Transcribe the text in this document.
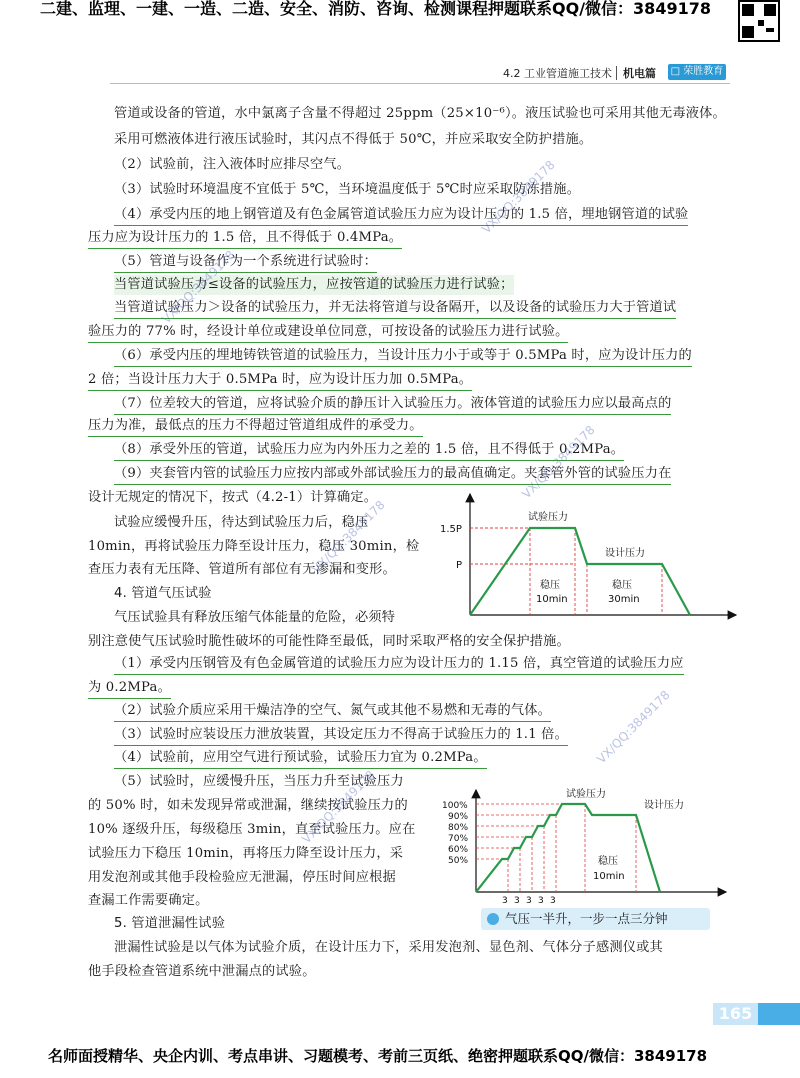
二建、监理、一建、一造、二造、安全、消防、咨询、检测课程押题联系QQ/微信：3849178
4.2 工业管道施工技术 机电篇 □ 荣胜教育
管道或设备的管道，水中氯离子含量不得超过 25ppm（25×10⁻⁶）。液压试验也可采用其他无毒液体。
采用可燃液体进行液压试验时，其闪点不得低于 50℃，并应采取安全防护措施。
（2）试验前，注入液体时应排尽空气。
（3）试验时环境温度不宜低于 5℃，当环境温度低于 5℃时应采取防冻措施。
（4）承受内压的地上钢管道及有色金属管道试验压力应为设计压力的 1.5 倍，埋地钢管道的试验
压力应为设计压力的 1.5 倍，且不得低于 0.4MPa。
（5）管道与设备作为一个系统进行试验时：
当管道试验压力≤设备的试验压力，应按管道的试验压力进行试验；
当管道试验压力＞设备的试验压力，并无法将管道与设备隔开，以及设备的试验压力大于管道试
验压力的 77% 时，经设计单位或建设单位同意，可按设备的试验压力进行试验。
（6）承受内压的埋地铸铁管道的试验压力，当设计压力小于或等于 0.5MPa 时，应为设计压力的
2 倍；当设计压力大于 0.5MPa 时，应为设计压力加 0.5MPa。
（7）位差较大的管道，应将试验介质的静压计入试验压力。液体管道的试验压力应以最高点的
压力为准，最低点的压力不得超过管道组成件的承受力。
（8）承受外压的管道，试验压力应为内外压力之差的 1.5 倍，且不得低于 0.2MPa。
（9）夹套管内管的试验压力应按内部或外部试验压力的最高值确定。夹套管外管的试验压力在
设计无规定的情况下，按式（4.2-1）计算确定。
试验应缓慢升压，待达到试验压力后，稳压
10min，再将试验压力降至设计压力，稳压 30min，检
查压力表有无压降、管道所有部位有无渗漏和变形。
4. 管道气压试验
气压试验具有释放压缩气体能量的危险，必须特
别注意使气压试验时脆性破坏的可能性降至最低，同时采取严格的安全保护措施。
（1）承受内压钢管及有色金属管道的试验压力应为设计压力的 1.15 倍，真空管道的试验压力应
为 0.2MPa。
（2）试验介质应采用干燥洁净的空气、氮气或其他不易燃和无毒的气体。
（3）试验时应装设压力泄放装置，其设定压力不得高于试验压力的 1.1 倍。
（4）试验前，应用空气进行预试验，试验压力宜为 0.2MPa。
（5）试验时，应缓慢升压，当压力升至试验压力
的 50% 时，如未发现异常或泄漏，继续按试验压力的
10% 逐级升压，每级稳压 3min，直至试验压力。应在
试验压力下稳压 10min，再将压力降至设计压力，采
用发泡剂或其他手段检验应无泄漏，停压时间应根据
查漏工作需要确定。
5. 管道泄漏性试验
泄漏性试验是以气体为试验介质，在设计压力下，采用发泡剂、显色剂、气体分子感测仪或其
他手段检查管道系统中泄漏点的试验。
1.5P
P
试验压力
设计压力
稳压
10min
稳压
30min
100%
90%
80%
70%
60%
50%
3 3 3 3 3
试验压力
设计压力
稳压
10min
气压一半升，一步一点三分钟
VX/QQ:3849178
VX/QQ:3849178
VX/QQ:3849178
VX/QQ:3849178
VX/QQ:3849178
VX/QQ:3849178
165
名师面授精华、央企内训、考点串讲、习题模考、考前三页纸、绝密押题联系QQ/微信：3849178
